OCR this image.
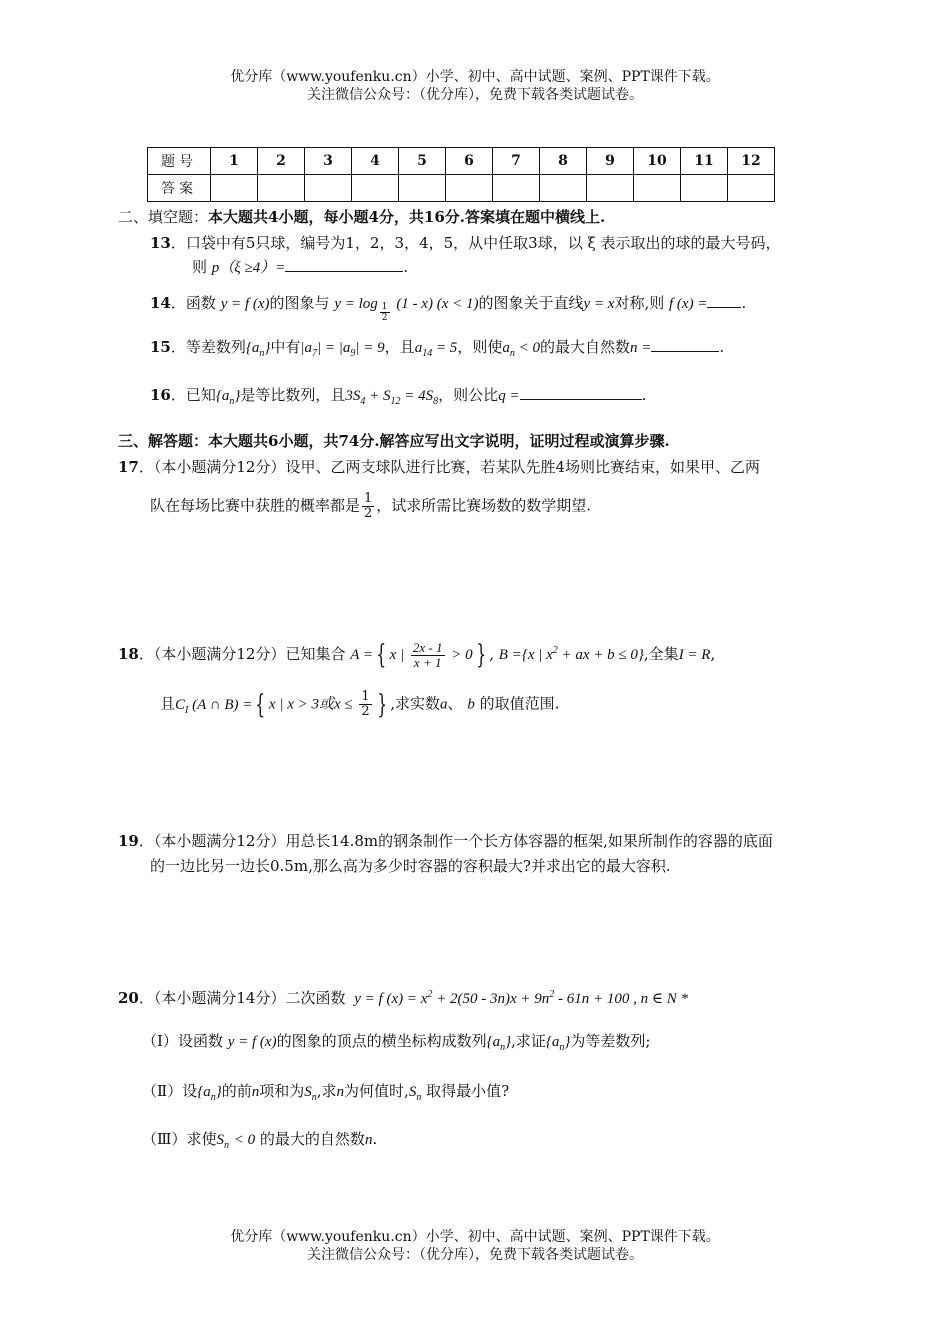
优分库（www.youfenku.cn）小学、初中、高中试题、案例、PPT课件下载。
关注微信公众号：（优分库），免费下载各类试题试卷。
题号	1	2	3	4	5	6	7	8	9	10	11	12
答案												
二、填空题：本大题共4小题，每小题4分，共16分.答案填在题中横线上.
13．口袋中有5只球，编号为1，2，3，4，5，从中任取3球，以 ξ 表示取出的球的最大号码，
则 p（ξ ≥4）=	.
14．函数 y = f (x)的图象与 $y = \log \frac{1}{2} (1 - x) (x < 1)$的图象关于直线y = x对称,则 f (x) = .
15．等差数列$\{a_n\}$中有$|a_7| = |a_9| = 9$，且$a_{14} = 5$，则使$a_n < 0$的最大自然数n =	.
16．已知$\{a_n\}$是等比数列，且$3S_4 + S_{12} = 4S_8$，则公比q =	.
三、解答题：本大题共6小题，共74分.解答应写出文字说明，证明过程或演算步骤.
17．（本小题满分12分）设甲、乙两支球队进行比赛，若某队先胜4场则比赛结束，如果甲、乙两
队在每场比赛中获胜的概率都是 $\frac{1}{2}$ ，试求所需比赛场数的数学期望.
18．（本小题满分12分）已知集合 A = { x | $\frac{2x - 1}{x + 1} > 0$ } , B ={x | $x^2$ + ax + b ≤ 0},全集I = R,
且$C_I$ (A ∩ B) = { x | x > 3或$x \le \frac{1}{2}$ } ,求实数a、 b 的取值范围.
19．（本小题满分12分）用总长14.8m的钢条制作一个长方体容器的框架,如果所制作的容器的底面
的一边比另一边长0.5m,那么高为多少时容器的容积最大?并求出它的最大容积.
20．（本小题满分14分）二次函数 y = f $(x) = x^2 + 2(50 - 3n)x + 9n^2 - 61n + 100$ , n ∈ N *
（Ⅰ）设函数 y = f (x)的图象的顶点的横坐标构成数列$\{a_n\}$,求证$\{a_n\}$为等差数列;
（Ⅱ）设$\{a_n\}$的前n项和为$S_n$,求n为何值时$,S_n$ 取得最小值?
（Ⅲ）求使$S_n < 0$ 的最大的自然数n.
优分库（www.youfenku.cn）小学、初中、高中试题、案例、PPT课件下载。
关注微信公众号：（优分库），免费下载各类试题试卷。
